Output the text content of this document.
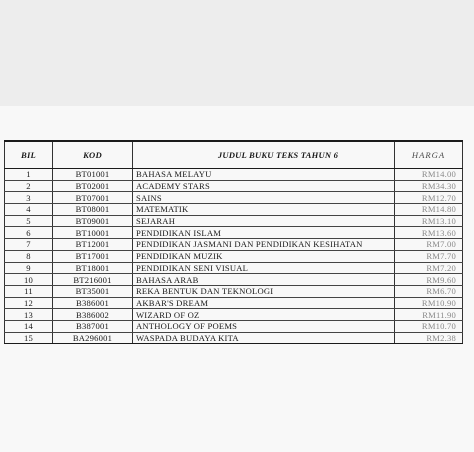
BIL	KOD	JUDUL BUKU TEKS TAHUN 6	HARGA
1	BT01001	BAHASA MELAYU	RM14.00
2	BT02001	ACADEMY STARS	RM34.30
3	BT07001	SAINS	RM12.70
4	BT08001	MATEMATIK	RM14.80
5	BT09001	SEJARAH	RM13.10
6	BT10001	PENDIDIKAN ISLAM	RM13.60
7	BT12001	PENDIDIKAN JASMANI DAN PENDIDIKAN KESIHATAN	RM7.00
8	BT17001	PENDIDIKAN MUZIK	RM7.70
9	BT18001	PENDIDIKAN SENI VISUAL	RM7.20
10	BT216001	BAHASA ARAB	RM9.60
11	BT35001	REKA BENTUK DAN TEKNOLOGI	RM6.70
12	B386001	AKBAR'S DREAM	RM10.90
13	B386002	WIZARD OF OZ	RM11.90
14	B387001	ANTHOLOGY OF POEMS	RM10.70
15	BA296001	WASPADA BUDAYA KITA	RM2.38
